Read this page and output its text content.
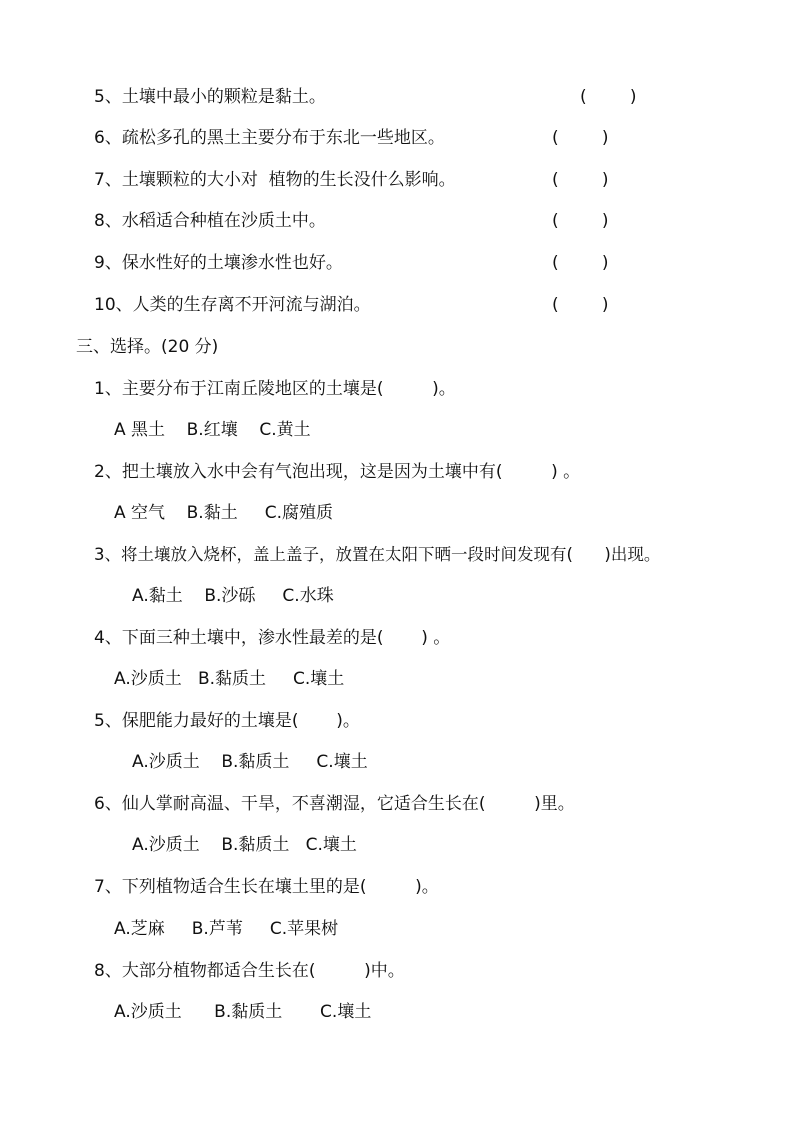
5、土壤中最小的颗粒是黏土。	(        )
6、疏松多孔的黑土主要分布于东北一些地区。	(        )
7、土壤颗粒的大小对  植物的生长没什么影响。	(        )
8、水稻适合种植在沙质土中。	(        )
9、保水性好的土壤渗水性也好。	(        )
10、人类的生存离不开河流与湖泊。	(        )
三、选择。(20 分)
1、主要分布于江南丘陵地区的土壤是(         )。
A 黑土    B.红壤    C.黄土
2、把土壤放入水中会有气泡出现，这是因为土壤中有(         ) 。
A 空气    B.黏土     C.腐殖质
3、将土壤放入烧杯，盖上盖子，放置在太阳下晒一段时间发现有(      )出现。
A.黏土    B.沙砾     C.水珠
4、下面三种土壤中，渗水性最差的是(       ) 。
A.沙质土   B.黏质土     C.壤土
5、保肥能力最好的土壤是(       )。
A.沙质土    B.黏质土     C.壤土
6、仙人掌耐高温、干旱，不喜潮湿，它适合生长在(         )里。
A.沙质土    B.黏质土   C.壤土
7、下列植物适合生长在壤土里的是(         )。
A.芝麻     B.芦苇     C.苹果树
8、大部分植物都适合生长在(         )中。
A.沙质土      B.黏质土       C.壤土
